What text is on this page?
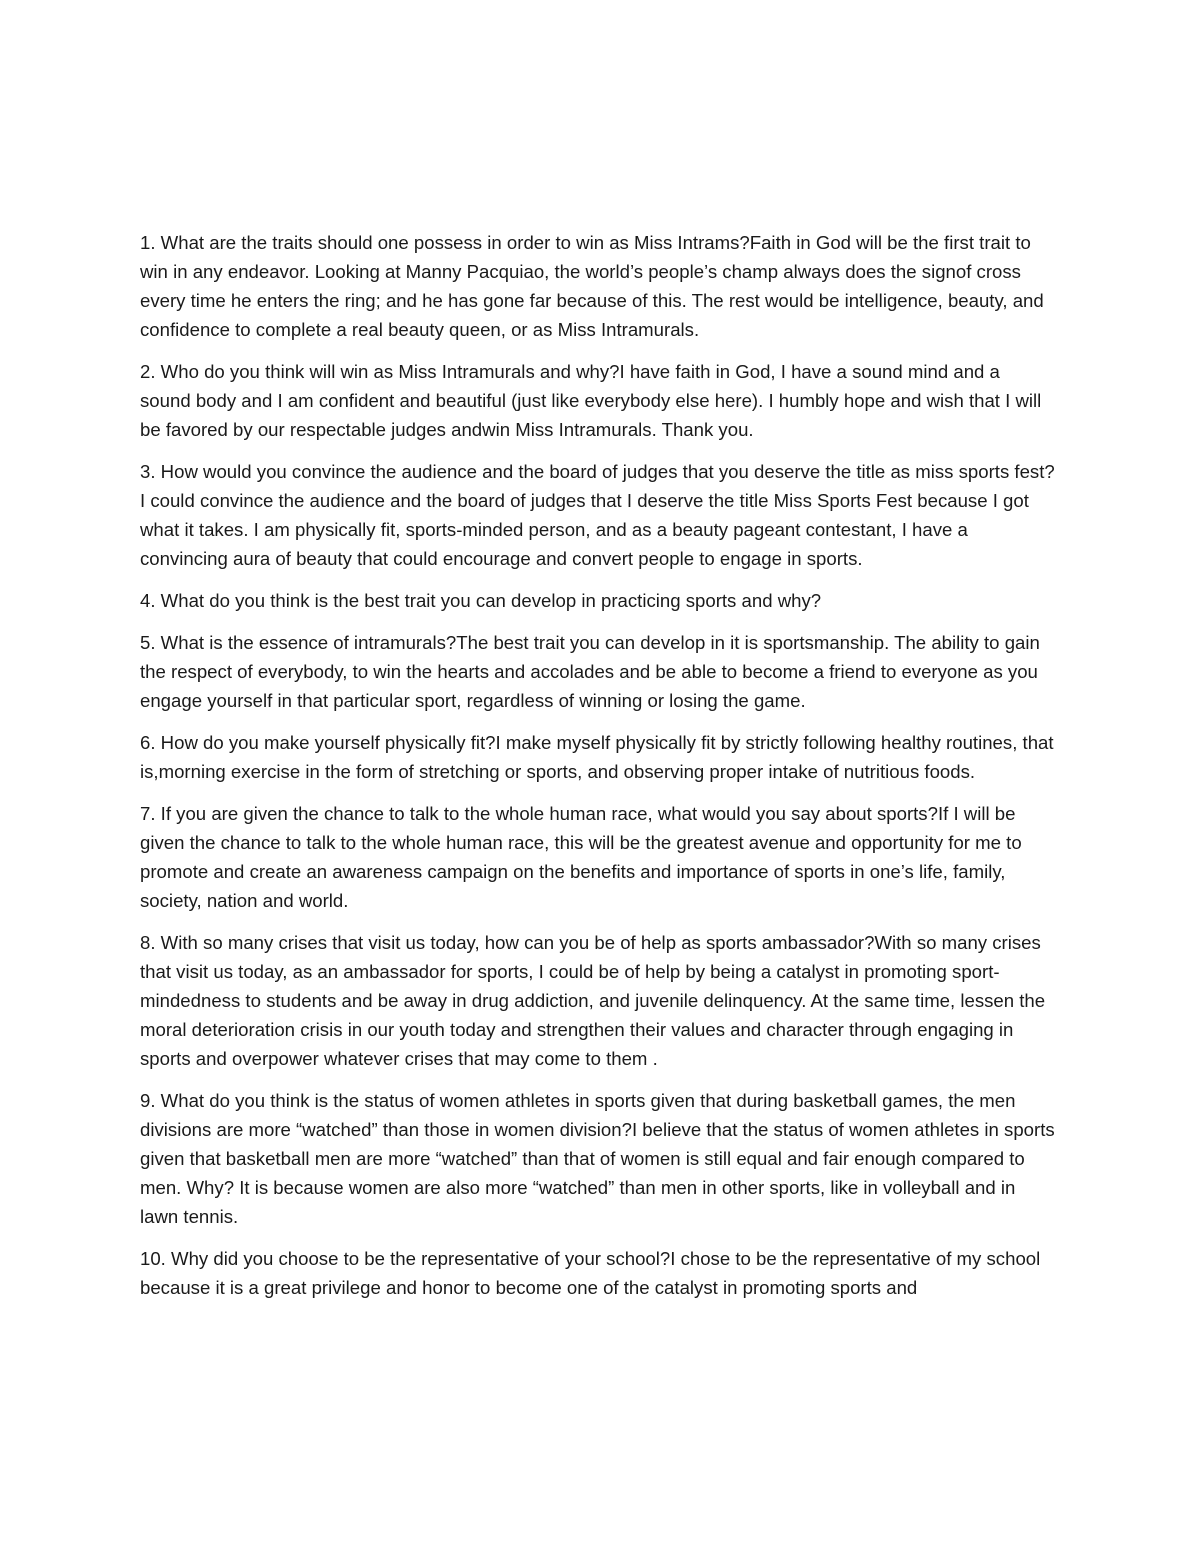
1. What are the traits should one possess in order to win as Miss Intrams?Faith in God will be the first trait to win in any endeavor. Looking at Manny Pacquiao, the world’s people’s champ always does the signof cross every time he enters the ring; and he has gone far because of this. The rest would be intelligence, beauty, and confidence to complete a real beauty queen, or as Miss Intramurals.

2. Who do you think will win as Miss Intramurals and why?I have faith in God, I have a sound mind and a sound body and I am confident and beautiful (just like everybody else here). I humbly hope and wish that I will be favored by our respectable judges andwin Miss Intramurals. Thank you.

3. How would you convince the audience and the board of judges that you deserve the title as miss sports fest?I could convince the audience and the board of judges that I deserve the title Miss Sports Fest because I got what it takes. I am physically fit, sports-minded person, and as a beauty pageant contestant, I have a convincing aura of beauty that could encourage and convert people to engage in sports.

4. What do you think is the best trait you can develop in practicing sports and why?

5. What is the essence of intramurals?The best trait you can develop in it is sportsmanship. The ability to gain the respect of everybody, to win the hearts and accolades and be able to become a friend to everyone as you engage yourself in that particular sport, regardless of winning or losing the game.

6. How do you make yourself physically fit?I make myself physically fit by strictly following healthy routines, that is,morning exercise in the form of stretching or sports, and observing proper intake of nutritious foods.

7. If you are given the chance to talk to the whole human race, what would you say about sports?If I will be given the chance to talk to the whole human race, this will be the greatest avenue and opportunity for me to promote and create an awareness campaign on the benefits and importance of sports in one’s life, family, society, nation and world.

8. With so many crises that visit us today, how can you be of help as sports ambassador?With so many crises that visit us today, as an ambassador for sports, I could be of help by being a catalyst in promoting sport-mindedness to students and be away in drug addiction, and juvenile delinquency. At the same time, lessen the moral deterioration crisis in our youth today and strengthen their values and character through engaging in sports and overpower whatever crises that may come to them .

9. What do you think is the status of women athletes in sports given that during basketball games, the men divisions are more “watched” than those in women division?I believe that the status of women athletes in sports given that basketball men are more “watched” than that of women is still equal and fair enough compared to men. Why? It is because women are also more “watched” than men in other sports, like in volleyball and in lawn tennis.

10. Why did you choose to be the representative of your school?I chose to be the representative of my school because it is a great privilege and honor to become one of the catalyst in promoting sports and
